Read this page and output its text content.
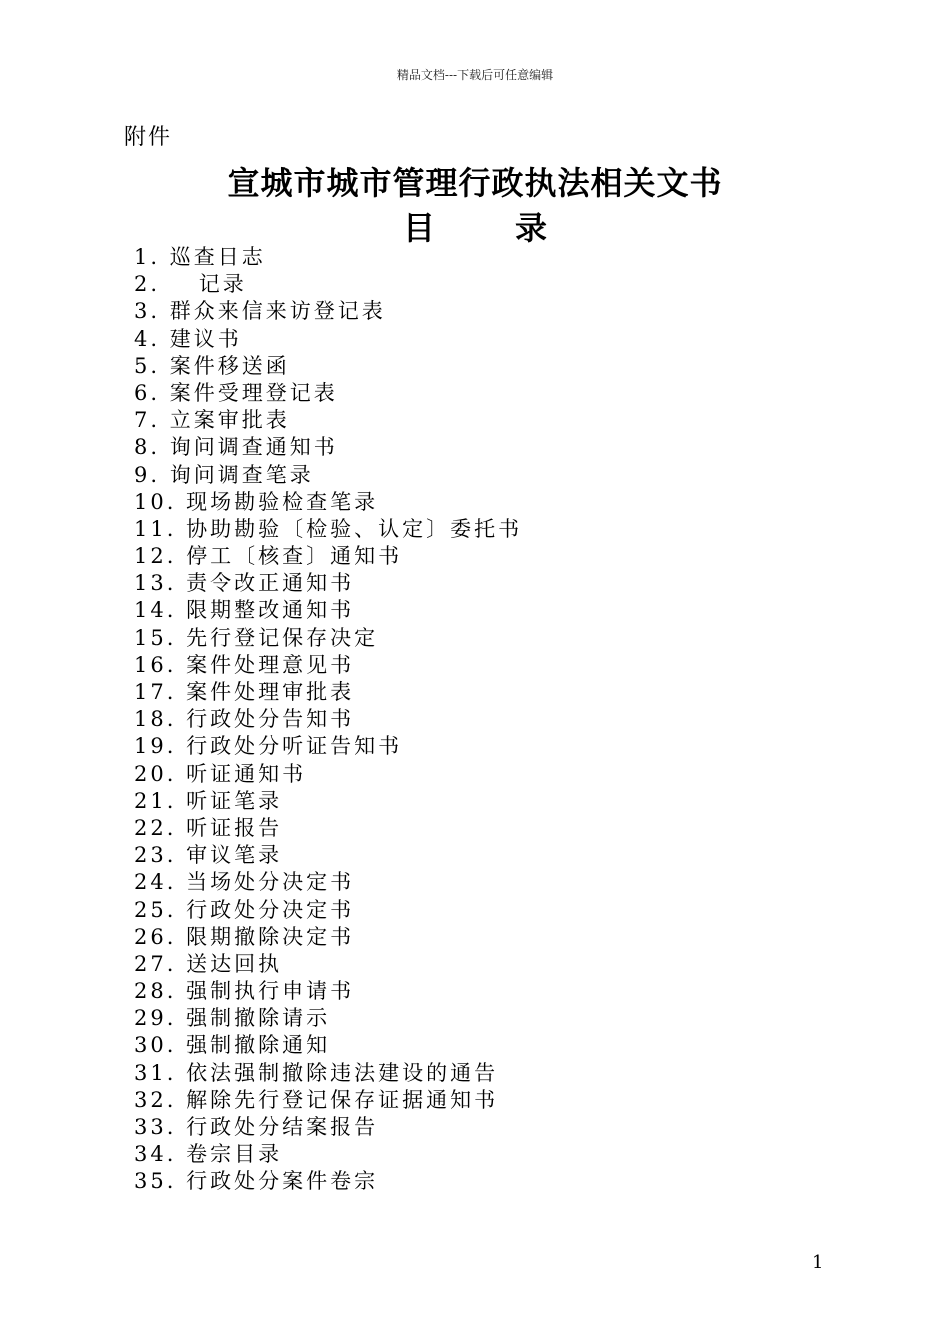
精品文档---下载后可任意编辑
附件
宣城市城市管理行政执法相关文书
目	录
1. 巡查日志
2.    记录
3. 群众来信来访登记表
4. 建议书
5. 案件移送函
6. 案件受理登记表
7. 立案审批表
8. 询问调查通知书
9. 询问调查笔录
10. 现场勘验检查笔录
11. 协助勘验〔检验、认定〕委托书
12. 停工〔核查〕通知书
13. 责令改正通知书
14. 限期整改通知书
15. 先行登记保存决定
16. 案件处理意见书
17. 案件处理审批表
18. 行政处分告知书
19. 行政处分听证告知书
20. 听证通知书
21. 听证笔录
22. 听证报告
23. 审议笔录
24. 当场处分决定书
25. 行政处分决定书
26. 限期撤除决定书
27. 送达回执
28. 强制执行申请书
29. 强制撤除请示
30. 强制撤除通知
31. 依法强制撤除违法建设的通告
32. 解除先行登记保存证据通知书
33. 行政处分结案报告
34. 卷宗目录
35. 行政处分案件卷宗
1
